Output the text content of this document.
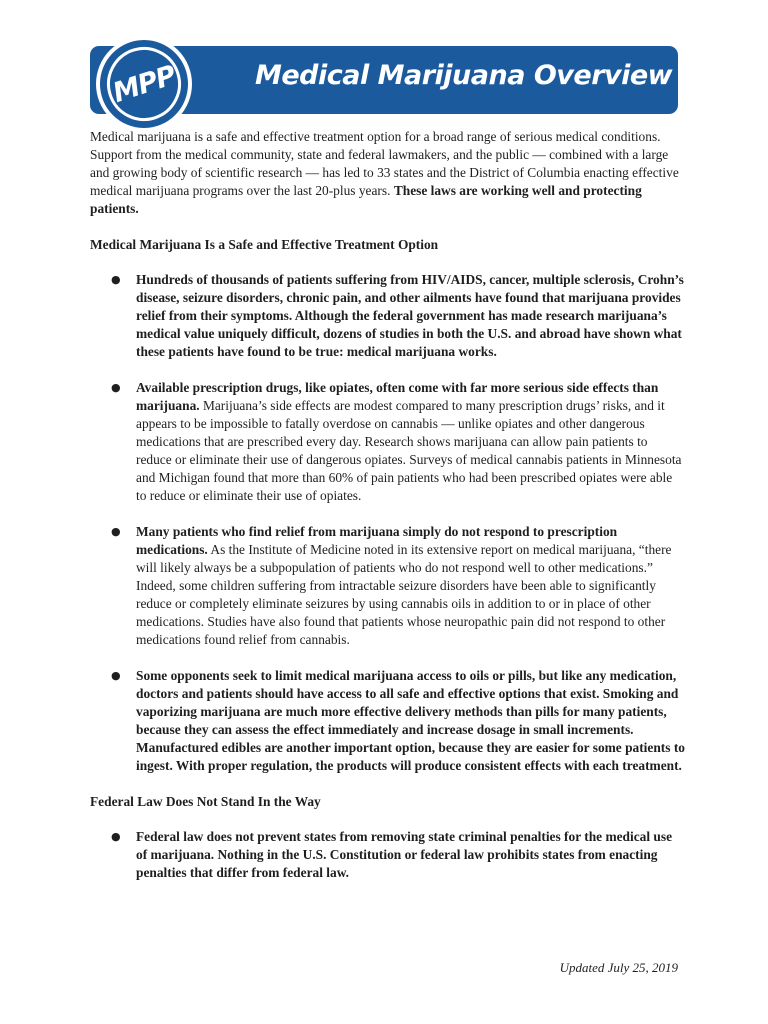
MPP	Medical Marijuana Overview

Medical marijuana is a safe and effective treatment option for a broad range of serious medical conditions. Support from the medical community, state and federal lawmakers, and the public — combined with a large and growing body of scientific research — has led to 33 states and the District of Columbia enacting effective medical marijuana programs over the last 20-plus years. These laws are working well and protecting patients.

Medical Marijuana Is a Safe and Effective Treatment Option
● Hundreds of thousands of patients suffering from HIV/AIDS, cancer, multiple sclerosis, Crohn’s disease, seizure disorders, chronic pain, and other ailments have found that marijuana provides relief from their symptoms. Although the federal government has made research marijuana’s medical value uniquely difficult, dozens of studies in both the U.S. and abroad have shown what these patients have found to be true: medical marijuana works.
● Available prescription drugs, like opiates, often come with far more serious side effects than marijuana. Marijuana’s side effects are modest compared to many prescription drugs’ risks, and it appears to be impossible to fatally overdose on cannabis — unlike opiates and other dangerous medications that are prescribed every day. Research shows marijuana can allow pain patients to reduce or eliminate their use of dangerous opiates. Surveys of medical cannabis patients in Minnesota and Michigan found that more than 60% of pain patients who had been prescribed opiates were able to reduce or eliminate their use of opiates.
● Many patients who find relief from marijuana simply do not respond to prescription medications. As the Institute of Medicine noted in its extensive report on medical marijuana, “there will likely always be a subpopulation of patients who do not respond well to other medications.” Indeed, some children suffering from intractable seizure disorders have been able to significantly reduce or completely eliminate seizures by using cannabis oils in addition to or in place of other medications. Studies have also found that patients whose neuropathic pain did not respond to other medications found relief from cannabis.
● Some opponents seek to limit medical marijuana access to oils or pills, but like any medication, doctors and patients should have access to all safe and effective options that exist. Smoking and vaporizing marijuana are much more effective delivery methods than pills for many patients, because they can assess the effect immediately and increase dosage in small increments. Manufactured edibles are another important option, because they are easier for some patients to ingest. With proper regulation, the products will produce consistent effects with each treatment.
Federal Law Does Not Stand In the Way
● Federal law does not prevent states from removing state criminal penalties for the medical use of marijuana. Nothing in the U.S. Constitution or federal law prohibits states from enacting penalties that differ from federal law.
Updated July 25, 2019
